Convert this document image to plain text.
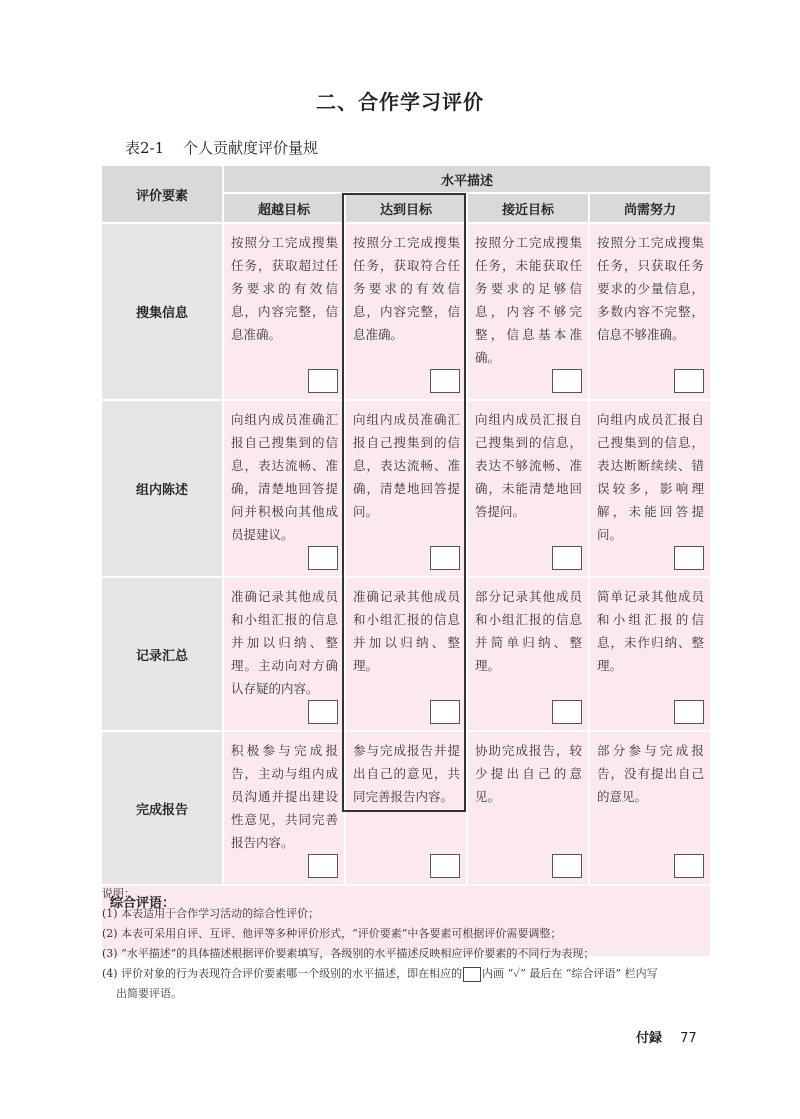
二、合作学习评价
表2-1 个人贡献度评价量规
评价要素	水平描述			
	超越目标	达到目标	接近目标	尚需努力
搜集信息	按照分工完成搜集任务，获取超过任务要求的有效信息，内容完整，信息准确。	按照分工完成搜集任务，获取符合任务要求的有效信息，内容完整，信息准确。	按照分工完成搜集任务，未能获取任务要求的足够信息，内容不够完整，信息基本准确。	按照分工完成搜集任务，只获取任务要求的少量信息，多数内容不完整，信息不够准确。

组内陈述	向组内成员准确汇报自己搜集到的信息，表达流畅、准确，清楚地回答提问并积极向其他成员提建议。	向组内成员准确汇报自己搜集到的信息，表达流畅、准确，清楚地回答提问。	向组内成员汇报自己搜集到的信息，表达不够流畅、准确，未能清楚地回答提问。	向组内成员汇报自己搜集到的信息，表达断断续续、错误较多，影响理解，未能回答提问。

记录汇总	准确记录其他成员和小组汇报的信息并加以归纳、整理。主动向对方确认存疑的内容。	准确记录其他成员和小组汇报的信息并加以归纳、整理。	部分记录其他成员和小组汇报的信息并简单归纳、整理。	简单记录其他成员和小组汇报的信息，未作归纳、整理。

完成报告	积极参与完成报告，主动与组内成员沟通并提出建设性意见，共同完善报告内容。	参与完成报告并提出自己的意见，共同完善报告内容。	协助完成报告，较少提出自己的意见。	部分参与完成报告，没有提出自己的意见。

综合评语：				
说明：
(1) 本表适用于合作学习活动的综合性评价；
(2) 本表可采用自评、互评、他评等多种评价形式，“评价要素”中各要素可根据评价需要调整；
(3) “水平描述”的具体描述根据评价要素填写，各级别的水平描述反映相应评价要素的不同行为表现；
(4) 评价对象的行为表现符合评价要素哪一个级别的水平描述，即在相应的 内画 “✓” 最后在 “综合评语” 栏内写
出简要评语。
付録 77
